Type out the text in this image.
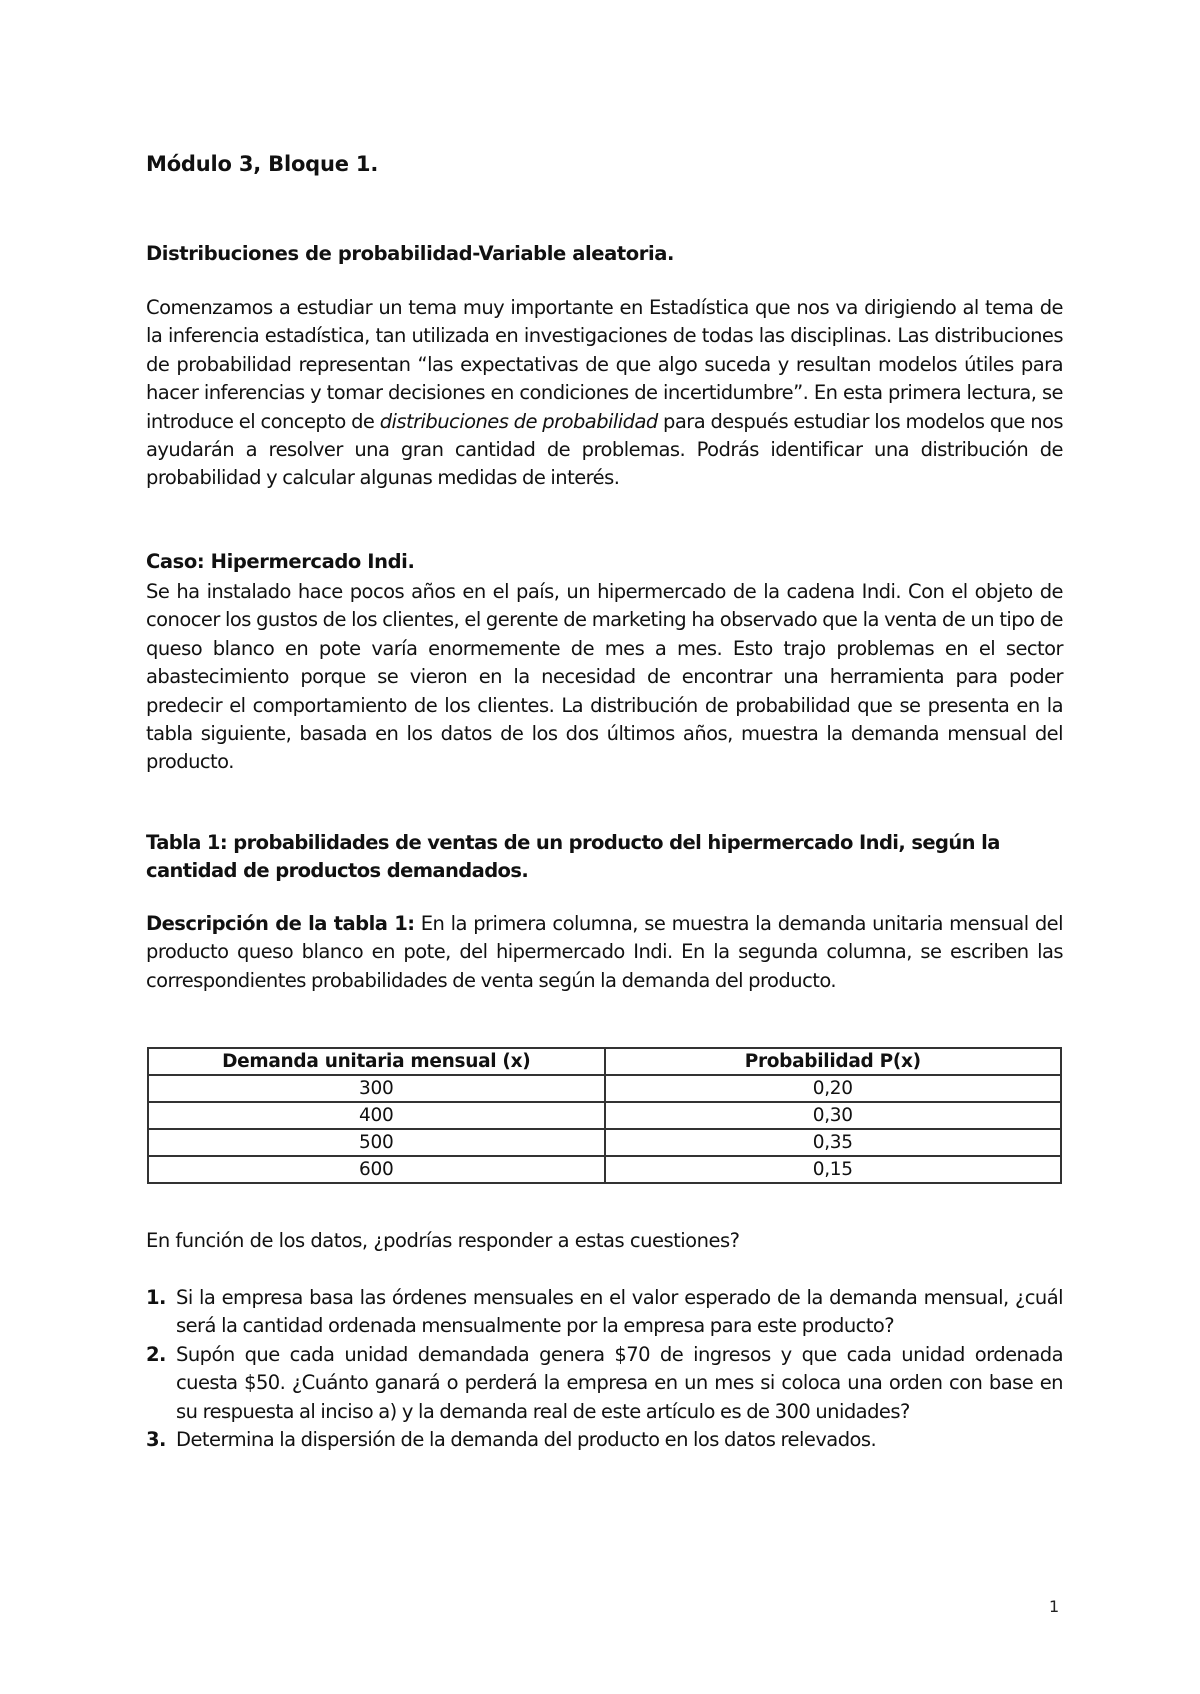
Módulo 3, Bloque 1.
Distribuciones de probabilidad-Variable aleatoria.

Comenzamos a estudiar un tema muy importante en Estadística que nos va dirigiendo al tema de la inferencia estadística, tan utilizada en investigaciones de todas las disciplinas. Las distribuciones de probabilidad representan “las expectativas de que algo suceda y resultan modelos útiles para hacer inferencias y tomar decisiones en condiciones de incertidumbre”. En esta primera lectura, se introduce el concepto de distribuciones de probabilidad para después estudiar los modelos que nos ayudarán a resolver una gran cantidad de problemas. Podrás identificar una distribución de probabilidad y calcular algunas medidas de interés.

Caso: Hipermercado Indi.

Se ha instalado hace pocos años en el país, un hipermercado de la cadena Indi. Con el objeto de conocer los gustos de los clientes, el gerente de marketing ha observado que la venta de un tipo de queso blanco en pote varía enormemente de mes a mes. Esto trajo problemas en el sector abastecimiento porque se vieron en la necesidad de encontrar una herramienta para poder predecir el comportamiento de los clientes. La distribución de probabilidad que se presenta en la tabla siguiente, basada en los datos de los dos últimos años, muestra la demanda mensual del producto.

Tabla 1: probabilidades de ventas de un producto del hipermercado Indi, según la cantidad de productos demandados.

Descripción de la tabla 1: En la primera columna, se muestra la demanda unitaria mensual del producto queso blanco en pote, del hipermercado Indi. En la segunda columna, se escriben las correspondientes probabilidades de venta según la demanda del producto.

Demanda unitaria mensual (x)	Probabilidad P(x)
300	0,20
400	0,30
500	0,35
600	0,15
En función de los datos, ¿podrías responder a estas cuestiones?
1. Si la empresa basa las órdenes mensuales en el valor esperado de la demanda mensual, ¿cuál será la cantidad ordenada mensualmente por la empresa para este producto?
2. Supón que cada unidad demandada genera $70 de ingresos y que cada unidad ordenada cuesta $50. ¿Cuánto ganará o perderá la empresa en un mes si coloca una orden con base en su respuesta al inciso a) y la demanda real de este artículo es de 300 unidades?
3. Determina la dispersión de la demanda del producto en los datos relevados.
1
